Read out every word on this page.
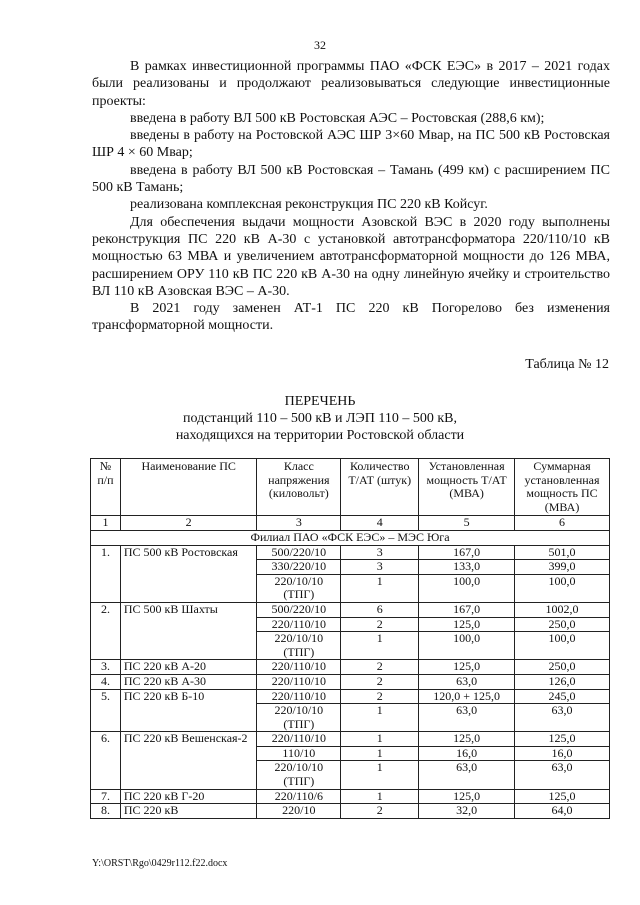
32

В рамках инвестиционной программы ПАО «ФСК ЕЭС» в 2017 – 2021 годах были реализованы и продолжают реализовываться следующие инвестиционные проекты:

введена в работу ВЛ 500 кВ Ростовская АЭС – Ростовская (288,6 км);

введены в работу на Ростовской АЭС ШР 3×60 Мвар, на ПС 500 кВ Ростовская ШР 4 × 60 Мвар;

введена в работу ВЛ 500 кВ Ростовская – Тамань (499 км) с расширением ПС 500 кВ Тамань;

реализована комплексная реконструкция ПС 220 кВ Койсуг.

Для обеспечения выдачи мощности Азовской ВЭС в 2020 году выполнены реконструкция ПС 220 кВ А-30 с установкой автотрансформатора 220/110/10 кВ мощностью 63 МВА и увеличением автотрансформаторной мощности до 126 МВА, расширением ОРУ 110 кВ ПС 220 кВ А-30 на одну линейную ячейку и строительство ВЛ 110 кВ Азовская ВЭС – А-30.

В 2021 году заменен АТ-1 ПС 220 кВ Погорелово без изменения трансформаторной мощности.

Таблица № 12
ПЕРЕЧЕНЬ
подстанций 110 – 500 кВ и ЛЭП 110 – 500 кВ,
находящихся на территории Ростовской области
№ п/п	Наименование ПС	Класс напряжения (киловольт)	Количество Т/АТ (штук)	Установленная мощность Т/АТ (МВА)	Суммарная установленная мощность ПС (МВА)
1	2	3	4	5	6
Филиал ПАО «ФСК ЕЭС» – МЭС Юга					
1.	ПС 500 кВ Ростовская	500/220/10	3	167,0	501,0
		330/220/10	3	133,0	399,0
		220/10/10 (ТПГ)	1	100,0	100,0
2.	ПС 500 кВ Шахты	500/220/10	6	167,0	1002,0
		220/110/10	2	125,0	250,0
		220/10/10 (ТПГ)	1	100,0	100,0
3.	ПС 220 кВ А-20	220/110/10	2	125,0	250,0
4.	ПС 220 кВ А-30	220/110/10	2	63,0	126,0
5.	ПС 220 кВ Б-10	220/110/10	2	120,0 + 125,0	245,0
		220/10/10 (ТПГ)	1	63,0	63,0
6.	ПС 220 кВ Вешенская-2	220/110/10	1	125,0	125,0
		110/10	1	16,0	16,0
		220/10/10 (ТПГ)	1	63,0	63,0
7.	ПС 220 кВ Г-20	220/110/6	1	125,0	125,0
8.	ПС 220 кВ	220/10	2	32,0	64,0
Y:\ORST\Rgo\0429r112.f22.docx
